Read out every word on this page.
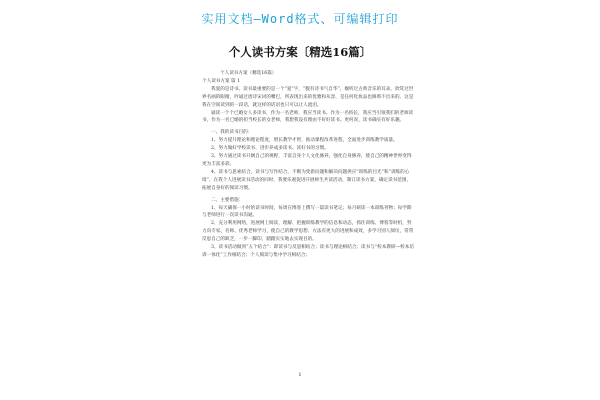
实用文档—Word格式、可编辑打印
个人读书方案〔精选16篇〕

个人读书方案（精选16篇）

个人读书方案 篇 1

我爱的是诗书。读书最重要的是一个“爱”字，“腹有诗书气自华”，倾听过古典音乐的耳朵，欣赏过世界名画的眼睛，吟诵过唐诗宋词的嘴巴，所表现出来的优雅和从容，是任何化妆品也修饰不出来的。这是我在空间读到的一段话，就这样的话语也只可以让人流泪。

诵读一个个已婚女人多读书，作为一名老师，我应当读书。作为一名校长，我应当引领我们的老师读书，作为一名已婚的担当校长的女老师，我想我没有理由不好好读书。更何况，读书确实有好乐趣。

一、我的读书目的：

1、努力提升理论和理论程度，增长教学才智，推动课程改革进程，全面进步训练教学质量。

2、努力做好学校读书，进步养成多读书、读好书的习惯。

3、努力通过读书开阔自己的视野，丰富自身个人文化修养，强化自身修养，使自己的精神世界变得更为丰富多彩。

4、读书与思索结合，读书与写作结合，不断为变新问题和解决问题供应“训练的目光”和“训练的心境”，在我个人进展读书活动的同时，我要乐观促进开展师生共读活动，制订读书方案，确定读书范围，拓展自身好的阅读习惯。

二、主要措施：

1、每天确保一小时的读书时间，每周在博客上撰写一篇读书笔记；每月研读一本训练刊物；每学期与老师进行一次读书沟通。

2、充分利用网络，进展网上阅读，理解、把握训练教学的信息和动态，抓住训练、博客等时机，努力向专家、名师、优秀老师学习，使自己的教学思想、方法有更大的进展和成效，多学习别人阅历，常常反思自己的缺乏，一步一脚印，踏踏实实地去实现目的。

3、读书活动做到“五个结合”：即读书与反思相结合；读书与理论相结合；读书与“校本教研—校本培训一体化”工作相结合；个人阅读与集中学习相结合；

1
